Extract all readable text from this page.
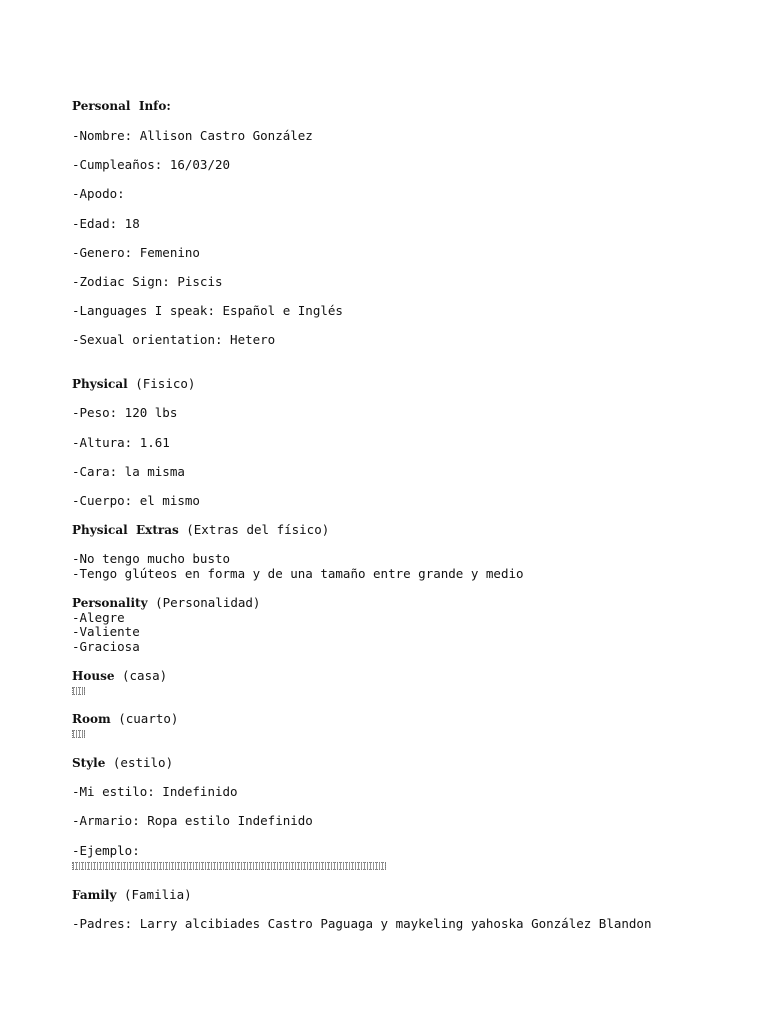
Personal  Info:
-Nombre: Allison Castro González
-Cumpleaños: 16/03/20
-Apodo:
-Edad: 18
-Genero: Femenino
-Zodiac Sign: Piscis
-Languages I speak: Español e Inglés
-Sexual orientation: Hetero
Physical (Fisico)
-Peso: 120 lbs
-Altura: 1.61
-Cara: la misma
-Cuerpo: el mismo
Physical  Extras (Extras del físico)
-No tengo mucho busto
-Tengo glúteos en forma y de una tamaño entre grande y medio
Personality (Personalidad)
-Alegre
-Valiente
-Graciosa
House (casa)
Room (cuarto)
Style (estilo)
-Mi estilo: Indefinido
-Armario: Ropa estilo Indefinido
-Ejemplo:
Family (Familia)
-Padres: Larry alcibiades Castro Paguaga y maykeling yahoska González Blandon
